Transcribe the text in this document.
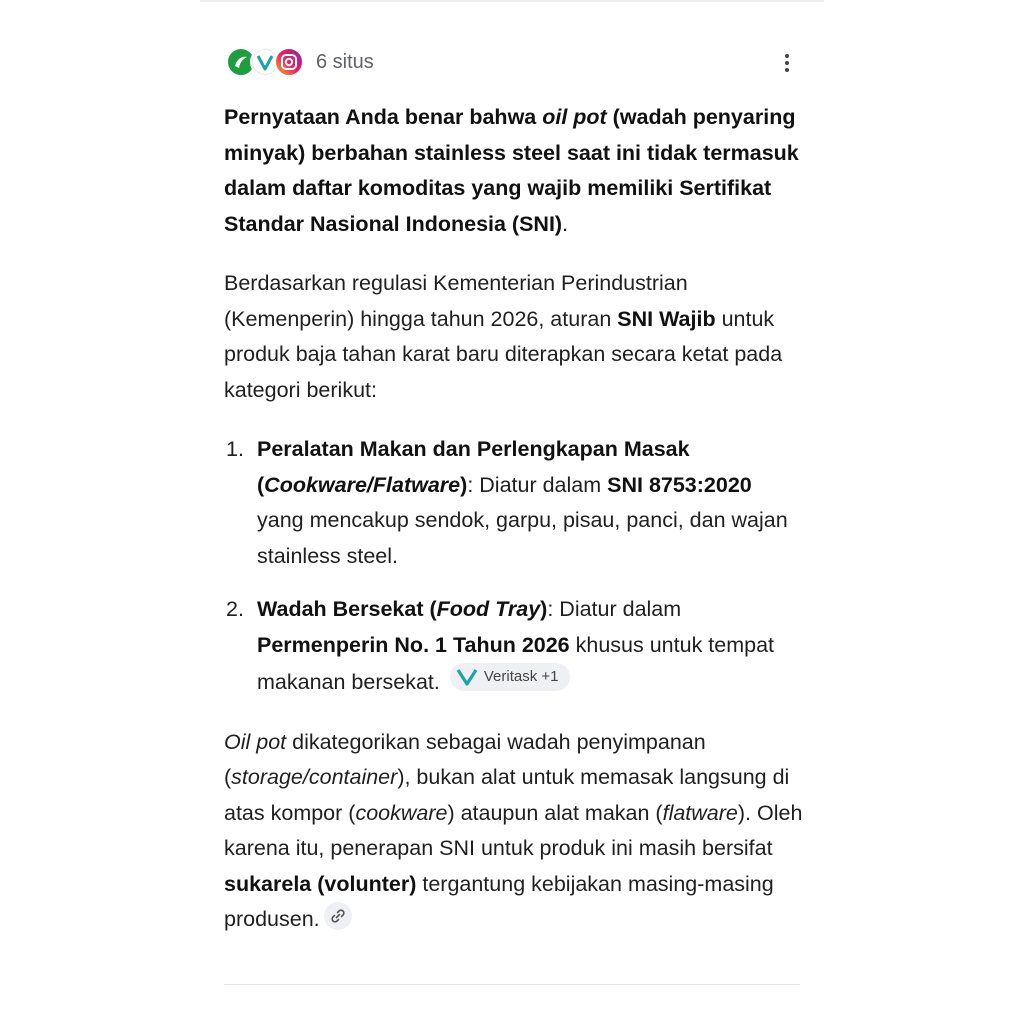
6 situs

Pernyataan Anda benar bahwa oil pot (wadah penyaring minyak) berbahan stainless steel saat ini tidak termasuk dalam daftar komoditas yang wajib memiliki Sertifikat Standar Nasional Indonesia (SNI).

Berdasarkan regulasi Kementerian Perindustrian (Kemenperin) hingga tahun 2026, aturan SNI Wajib untuk produk baja tahan karat baru diterapkan secara ketat pada kategori berikut:

1. Peralatan Makan dan Perlengkapan Masak (Cookware/Flatware): Diatur dalam SNI 8753:2020 yang mencakup sendok, garpu, pisau, panci, dan wajan stainless steel.
2. Wadah Bersekat (Food Tray): Diatur dalam Permenperin No. 1 Tahun 2026 khusus untuk tempat makanan bersekat.	Veritask +1

Oil pot dikategorikan sebagai wadah penyimpanan (storage/container), bukan alat untuk memasak langsung di atas kompor (cookware) ataupun alat makan (flatware). Oleh karena itu, penerapan SNI untuk produk ini masih bersifat sukarela (volunter) tergantung kebijakan masing-masing produsen.
